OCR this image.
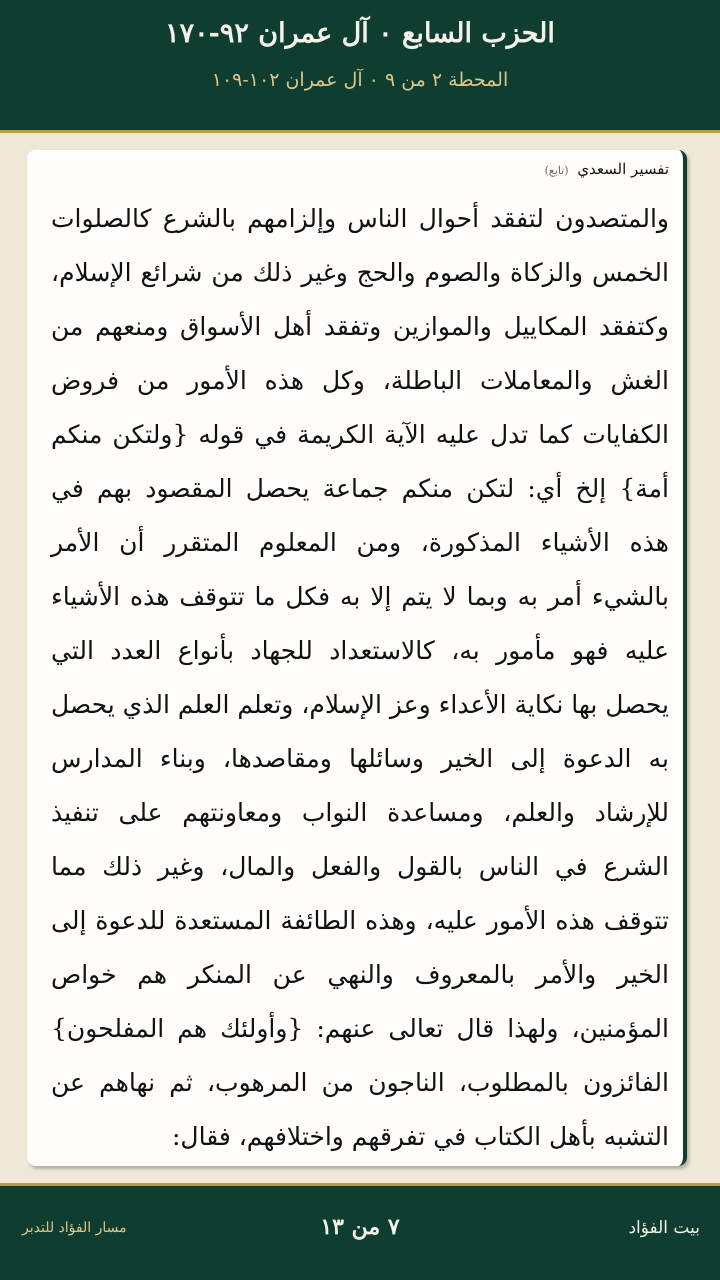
الحزب السابع ۰ آل عمران ٩٢-١٧٠
المحطة ٢ من ٩ ۰ آل عمران ١٠٢-١٠٩
تفسير السعدي (تابع)
والمتصدون لتفقد أحوال الناس وإلزامهم بالشرع كالصلوات الخمس والزكاة والصوم والحج وغير ذلك من شرائع الإسلام، وكتفقد المكاييل والموازين وتفقد أهل الأسواق ومنعهم من الغش والمعاملات الباطلة، وكل هذه الأمور من فروض الكفايات كما تدل عليه الآية الكريمة في قوله {ولتكن منكم أمة} إلخ أي: لتكن منكم جماعة يحصل المقصود بهم في هذه الأشياء المذكورة، ومن المعلوم المتقرر أن الأمر بالشيء أمر به وبما لا يتم إلا به فكل ما تتوقف هذه الأشياء عليه فهو مأمور به، كالاستعداد للجهاد بأنواع العدد التي يحصل بها نكاية الأعداء وعز الإسلام، وتعلم العلم الذي يحصل به الدعوة إلى الخير وسائلها ومقاصدها، وبناء المدارس للإرشاد والعلم، ومساعدة النواب ومعاونتهم على تنفيذ الشرع في الناس بالقول والفعل والمال، وغير ذلك مما تتوقف هذه الأمور عليه، وهذه الطائفة المستعدة للدعوة إلى الخير والأمر بالمعروف والنهي عن المنكر هم خواص المؤمنين، ولهذا قال تعالى عنهم: {وأولئك هم المفلحون} الفائزون بالمطلوب، الناجون من المرهوب، ثم نهاهم عن التشبه بأهل الكتاب في تفرقهم واختلافهم، فقال:
مسار الفؤاد للتدبر	٧ من ١٣	بيت الفؤاد
